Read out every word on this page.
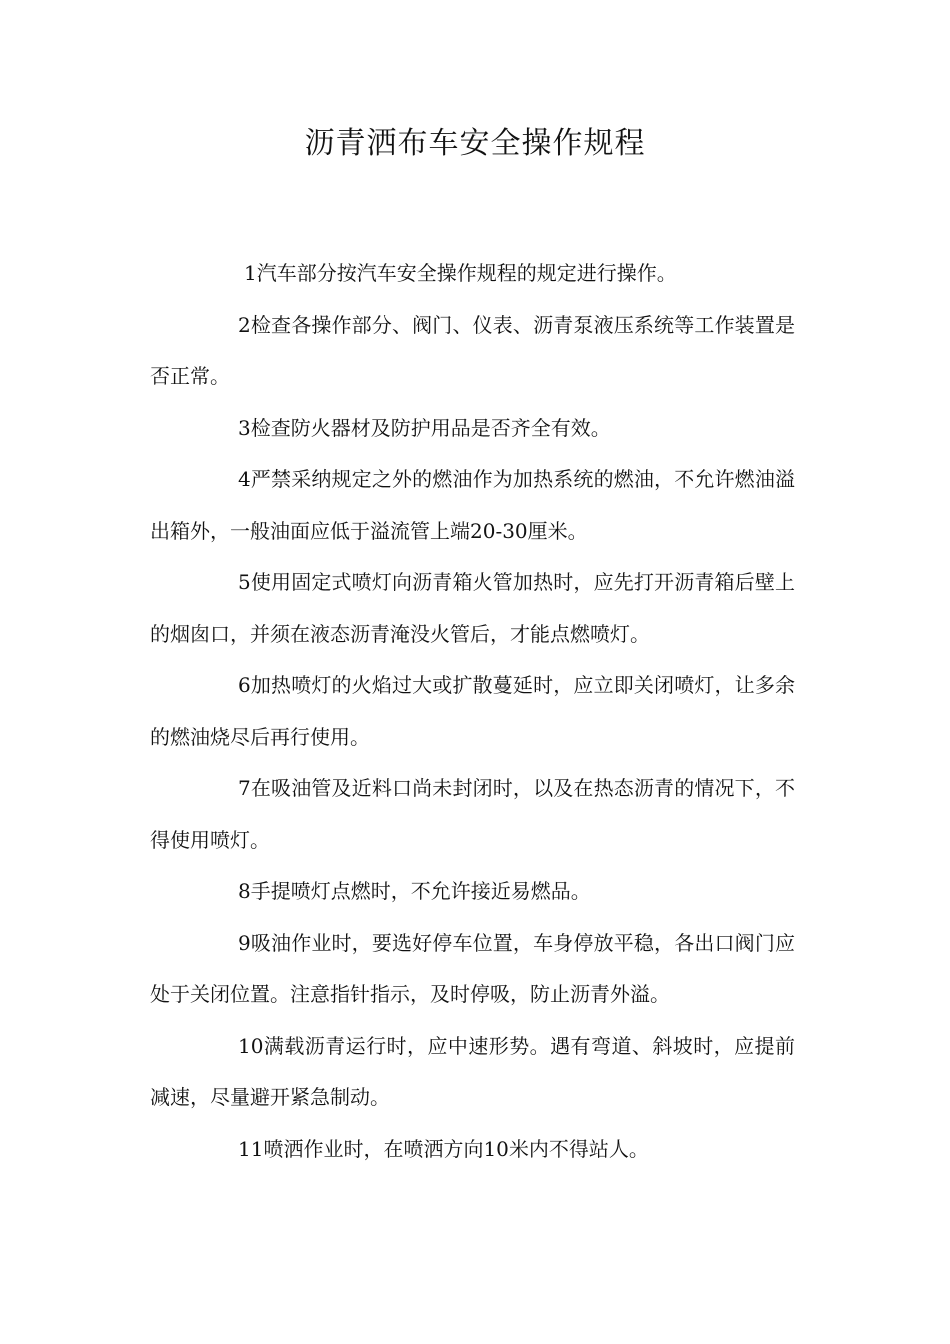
沥青洒布车安全操作规程

1汽车部分按汽车安全操作规程的规定进行操作。

2检查各操作部分、阀门、仪表、沥青泵液压系统等工作装置是否正常。

3检查防火器材及防护用品是否齐全有效。

4严禁采纳规定之外的燃油作为加热系统的燃油，不允许燃油溢出箱外，一般油面应低于溢流管上端20-30厘米。

5使用固定式喷灯向沥青箱火管加热时，应先打开沥青箱后壁上的烟囱口，并须在液态沥青淹没火管后，才能点燃喷灯。

6加热喷灯的火焰过大或扩散蔓延时，应立即关闭喷灯，让多余的燃油烧尽后再行使用。

7在吸油管及近料口尚未封闭时，以及在热态沥青的情况下，不得使用喷灯。

8手提喷灯点燃时，不允许接近易燃品。

9吸油作业时，要选好停车位置，车身停放平稳，各出口阀门应处于关闭位置。注意指针指示，及时停吸，防止沥青外溢。

10满载沥青运行时，应中速形势。遇有弯道、斜坡时，应提前减速，尽量避开紧急制动。

11喷洒作业时，在喷洒方向10米内不得站人。
